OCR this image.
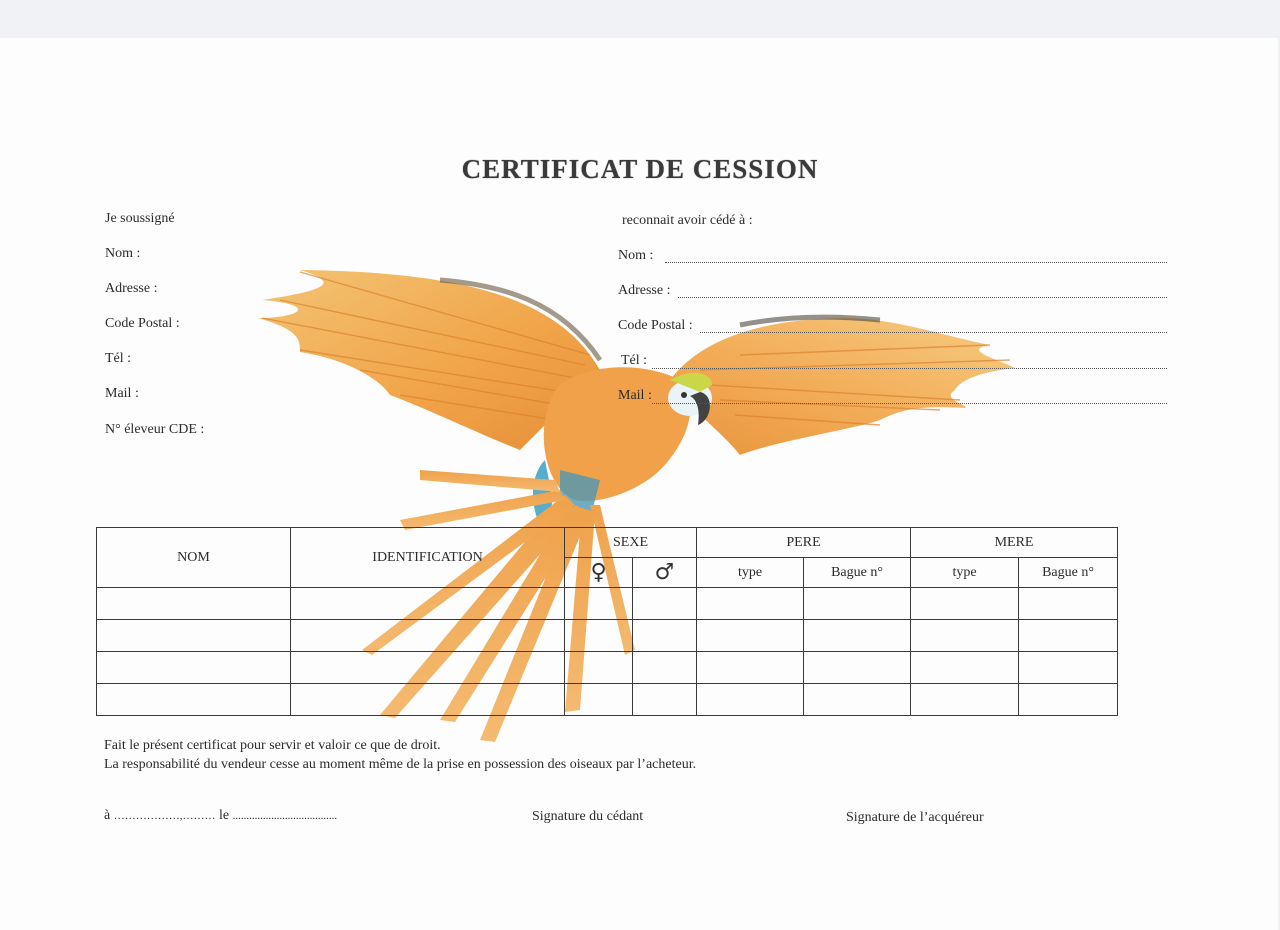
CERTIFICAT DE CESSION
Je soussigné
Nom :
Adresse :
Code Postal :
Tél :
Mail :
N° éleveur CDE :
reconnait avoir cédé à :
Nom :
Adresse :
Code Postal :
Tél :
Mail :
NOM	IDENTIFICATION	SEXE		PERE		MERE	
		♀	♂	type	Bague n°	type	Bague n°

Fait le présent certificat pour servir et valoir ce que de droit.
La responsabilité du vendeur cesse au moment même de la prise en possession des oiseaux par l’acheteur.
à ………………,……… le ......................................	Signature du cédant	Signature de l’acquéreur
